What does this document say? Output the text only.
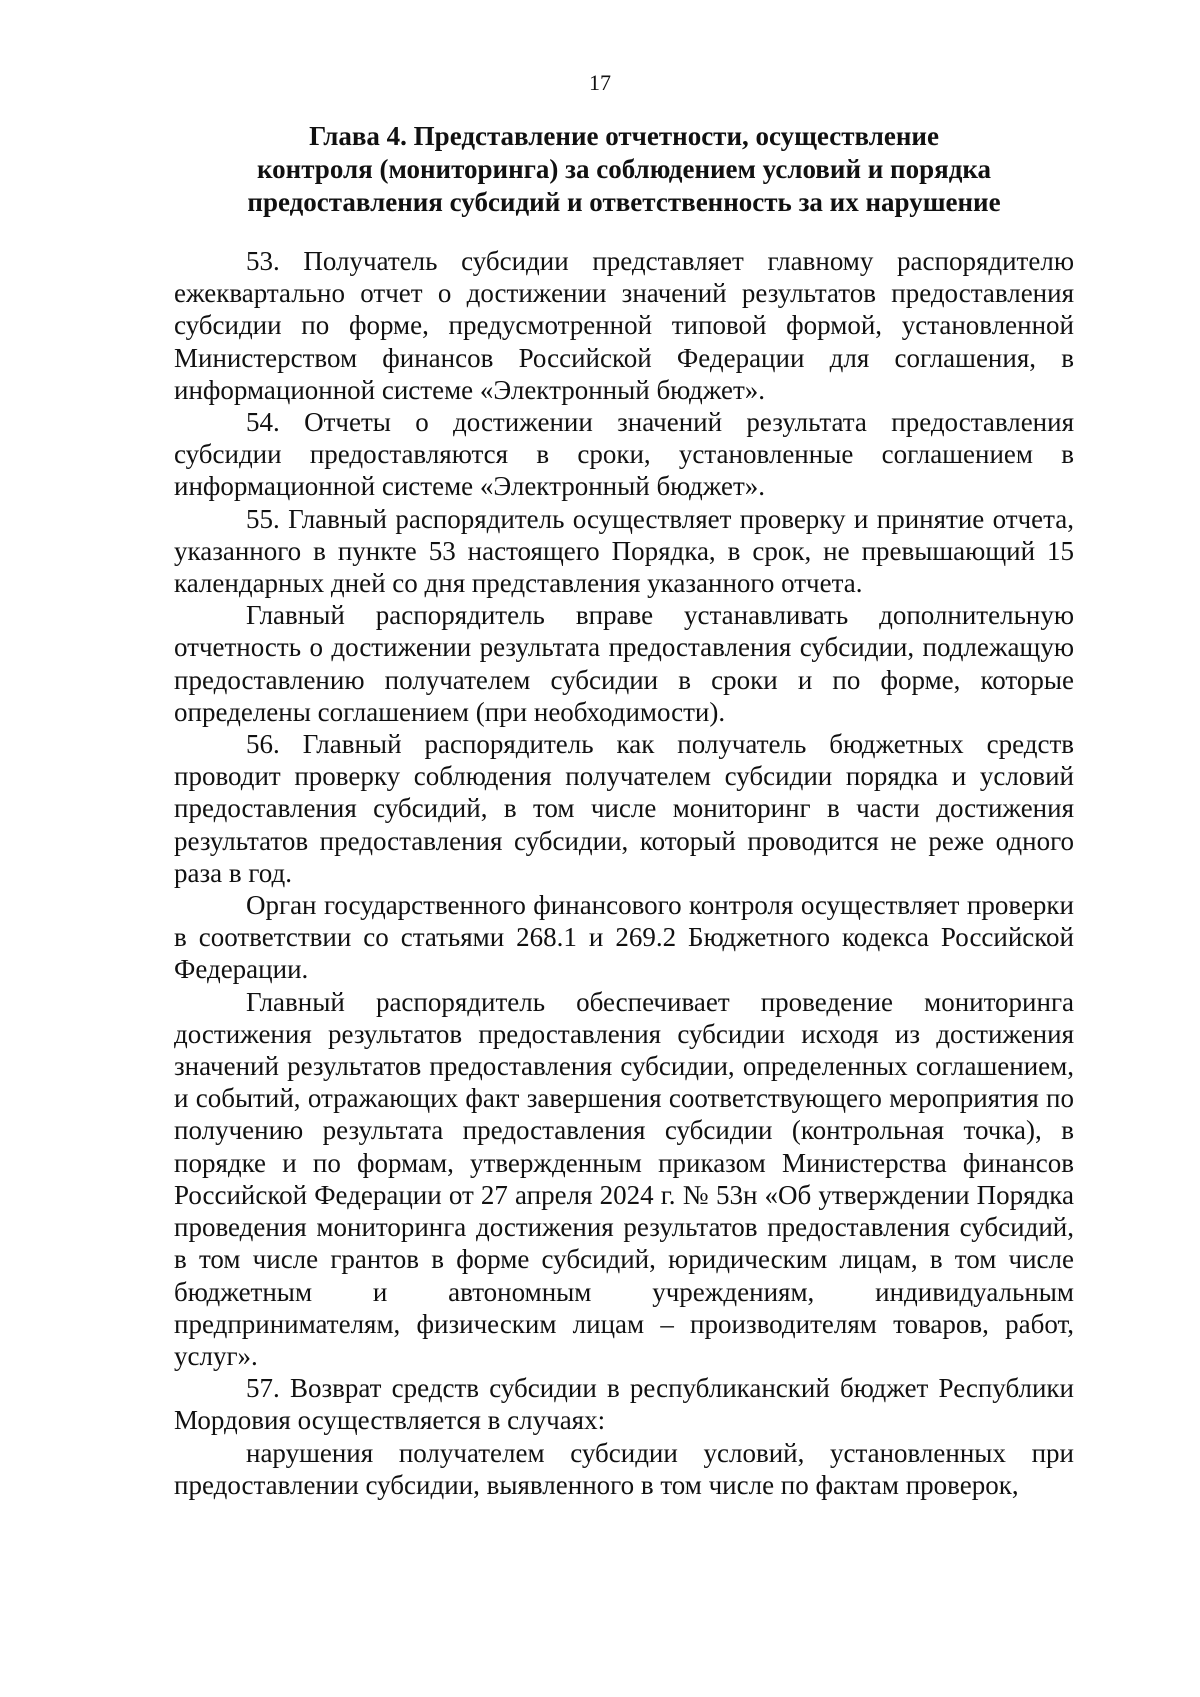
17
Глава 4. Представление отчетности, осуществление
контроля (мониторинга) за соблюдением условий и порядка
предоставления субсидий и ответственность за их нарушение

53. Получатель субсидии представляет главному распорядителю ежеквартально отчет о достижении значений результатов предоставления субсидии по форме, предусмотренной типовой формой, установленной Министерством финансов Российской Федерации для соглашения, в информационной системе «Электронный бюджет».

54. Отчеты о достижении значений результата предоставления субсидии предоставляются в сроки, установленные соглашением в информационной системе «Электронный бюджет».

55. Главный распорядитель осуществляет проверку и принятие отчета, указанного в пункте 53 настоящего Порядка, в срок, не превышающий 15 календарных дней со дня представления указанного отчета.

Главный распорядитель вправе устанавливать дополнительную отчетность о достижении результата предоставления субсидии, подлежащую предоставлению получателем субсидии в сроки и по форме, которые определены соглашением (при необходимости).

56. Главный распорядитель как получатель бюджетных средств проводит проверку соблюдения получателем субсидии порядка и условий предоставления субсидий, в том числе мониторинг в части достижения результатов предоставления субсидии, который проводится не реже одного раза в год.

Орган государственного финансового контроля осуществляет проверки в соответствии со статьями 268.1 и 269.2 Бюджетного кодекса Российской Федерации.

Главный распорядитель обеспечивает проведение мониторинга достижения результатов предоставления субсидии исходя из достижения значений результатов предоставления субсидии, определенных соглашением, и событий, отражающих факт завершения соответствующего мероприятия по получению результата предоставления субсидии (контрольная точка), в порядке и по формам, утвержденным приказом Министерства финансов Российской Федерации от 27 апреля 2024 г. № 53н «Об утверждении Порядка проведения мониторинга достижения результатов предоставления субсидий, в том числе грантов в форме субсидий, юридическим лицам, в том числе бюджетным и автономным учреждениям, индивидуальным предпринимателям, физическим лицам – производителям товаров, работ, услуг».

57. Возврат средств субсидии в республиканский бюджет Республики Мордовия осуществляется в случаях:

нарушения получателем субсидии условий, установленных при предоставлении субсидии, выявленного в том числе по фактам проверок,
